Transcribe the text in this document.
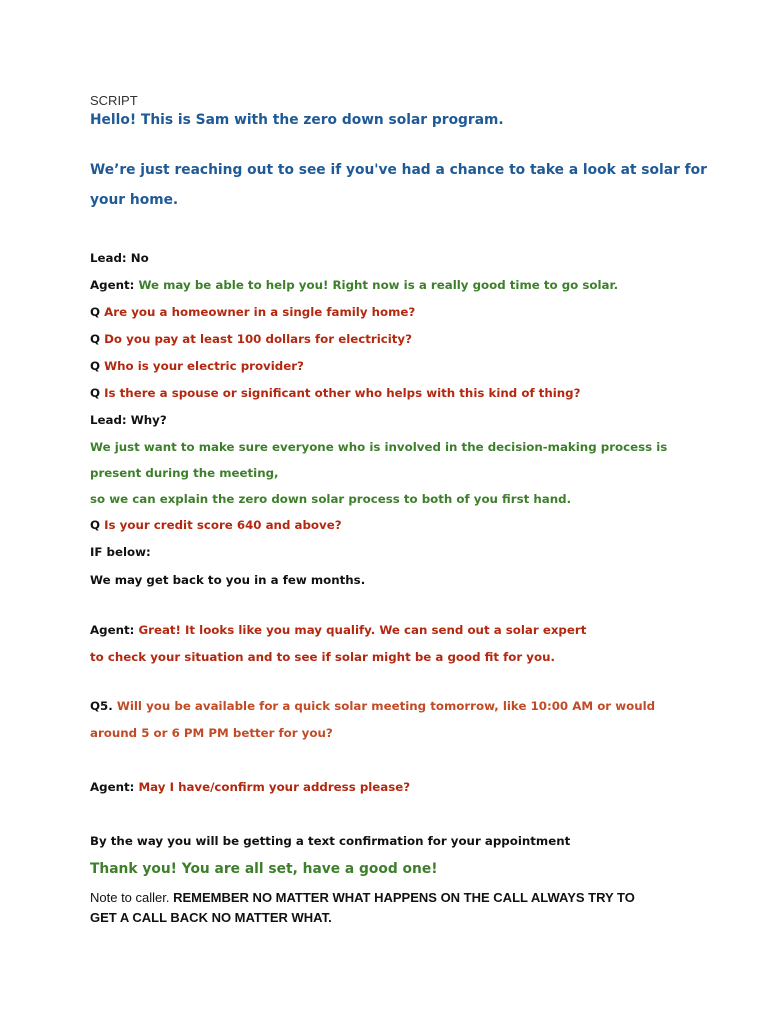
SCRIPT
Hello! This is Sam with the zero down solar program.
We’re just reaching out to see if you've had a chance to take a look at solar for
your home.
Lead: No
Agent: We may be able to help you! Right now is a really good time to go solar.
Q Are you a homeowner in a single family home?
Q Do you pay at least 100 dollars for electricity?
Q Who is your electric provider?
Q Is there a spouse or significant other who helps with this kind of thing?
Lead: Why?
We just want to make sure everyone who is involved in the decision-making process is
present during the meeting,
so we can explain the zero down solar process to both of you first hand.
Q Is your credit score 640 and above?
IF below:
We may get back to you in a few months.
Agent: Great! It looks like you may qualify. We can send out a solar expert
to check your situation and to see if solar might be a good fit for you.
Q5. Will you be available for a quick solar meeting tomorrow, like 10:00 AM or would
around 5 or 6 PM PM better for you?
Agent: May I have/confirm your address please?
By the way you will be getting a text confirmation for your appointment
Thank you! You are all set, have a good one!
Note to caller. REMEMBER NO MATTER WHAT HAPPENS ON THE CALL ALWAYS TRY TO
GET A CALL BACK NO MATTER WHAT.
